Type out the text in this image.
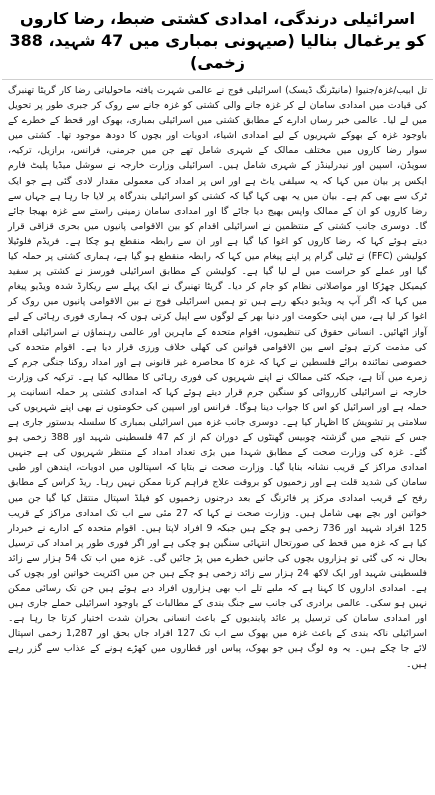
اسرائیلی درندگی، امدادی کشتی ضبط، رضا کاروں کو یرغمال بنالیا (صیہونی بمباری میں 47 شہید، 388 زخمی)

تل ابیب/غزہ/جنیوا (مانیٹرنگ ڈیسک) اسرائیلی فوج نے عالمی شہرت یافتہ ماحولیاتی رضا کار گریٹا تھنبرگ کی قیادت میں امدادی سامان لے کر غزہ جانے والی کشتی کو غزہ جانے سے روک کر جبری طور پر تحویل میں لے لیا۔ عالمی خبر رساں ادارے کے مطابق کشتی میں اسرائیلی بمباری، بھوک اور قحط کے خطرے کے باوجود غزہ کے بھوکے شہریوں کے لیے امدادی اشیاء، ادویات اور بچوں کا دودھ موجود تھا۔ کشتی میں سوار رضا کاروں میں مختلف ممالک کے شہری شامل تھے جن میں جرمنی، فرانس، برازیل، ترکیہ، سویڈن، اسپین اور نیدرلینڈز کے شہری شامل ہیں۔ اسرائیلی وزارت خارجہ نے سوشل میڈیا پلیٹ فارم ایکس پر بیان میں کہا کہ یہ سیلفی یاٹ ہے اور اس پر امداد کی معمولی مقدار لادی گئی ہے جو ایک ٹرک سے بھی کم ہے۔ بیان میں یہ بھی کہا گیا کہ کشتی کو اسرائیلی بندرگاہ پر لایا جا رہا ہے جہاں سے رضا کاروں کو ان کے ممالک واپس بھیج دیا جائے گا اور امدادی سامان زمینی راستے سے غزہ بھیجا جائے گا۔ دوسری جانب کشتی کے منتظمین نے اسرائیلی اقدام کو بین الاقوامی پانیوں میں بحری قزاقی قرار دیتے ہوئے کہا کہ رضا کاروں کو اغوا کیا گیا ہے اور ان سے رابطہ منقطع ہو چکا ہے۔ فریڈم فلوٹیلا کولیشن (FFC) نے ٹیلی گرام پر اپنے پیغام میں کہا کہ رابطہ منقطع ہو گیا ہے، ہماری کشتی پر حملہ کیا گیا اور عملے کو حراست میں لے لیا گیا ہے۔ کولیشن کے مطابق اسرائیلی فورسز نے کشتی پر سفید کیمیکل چھڑکا اور مواصلاتی نظام کو جام کر دیا۔ گریٹا تھنبرگ نے ایک پہلے سے ریکارڈ شدہ ویڈیو پیغام میں کہا کہ اگر آپ یہ ویڈیو دیکھ رہے ہیں تو ہمیں اسرائیلی فوج نے بین الاقوامی پانیوں میں روک کر اغوا کر لیا ہے، میں اپنی حکومت اور دنیا بھر کے لوگوں سے اپیل کرتی ہوں کہ ہماری فوری رہائی کے لیے آواز اٹھائیں۔ انسانی حقوق کی تنظیموں، اقوام متحدہ کے ماہرین اور عالمی رہنماؤں نے اسرائیلی اقدام کی مذمت کرتے ہوئے اسے بین الاقوامی قوانین کی کھلی خلاف ورزی قرار دیا ہے۔ اقوام متحدہ کی خصوصی نمائندہ برائے فلسطین نے کہا کہ غزہ کا محاصرہ غیر قانونی ہے اور امداد روکنا جنگی جرم کے زمرے میں آتا ہے، جبکہ کئی ممالک نے اپنے شہریوں کی فوری رہائی کا مطالبہ کیا ہے۔ ترکیہ کی وزارت خارجہ نے اسرائیلی کارروائی کو سنگین جرم قرار دیتے ہوئے کہا کہ امدادی کشتی پر حملہ انسانیت پر حملہ ہے اور اسرائیل کو اس کا جواب دینا ہوگا۔ فرانس اور اسپین کی حکومتوں نے بھی اپنے شہریوں کی سلامتی پر تشویش کا اظہار کیا ہے۔ دوسری جانب غزہ میں اسرائیلی بمباری کا سلسلہ بدستور جاری ہے جس کے نتیجے میں گزشتہ چوبیس گھنٹوں کے دوران کم از کم 47 فلسطینی شہید اور 388 زخمی ہو گئے۔ غزہ کی وزارت صحت کے مطابق شہدا میں بڑی تعداد امداد کے منتظر شہریوں کی ہے جنہیں امدادی مراکز کے قریب نشانہ بنایا گیا۔ وزارت صحت نے بتایا کہ اسپتالوں میں ادویات، ایندھن اور طبی سامان کی شدید قلت ہے اور زخمیوں کو بروقت علاج فراہم کرنا ممکن نہیں رہا۔ ریڈ کراس کے مطابق رفح کے قریب امدادی مرکز پر فائرنگ کے بعد درجنوں زخمیوں کو فیلڈ اسپتال منتقل کیا گیا جن میں خواتین اور بچے بھی شامل ہیں۔ وزارت صحت نے کہا کہ 27 مئی سے اب تک امدادی مراکز کے قریب 125 افراد شہید اور 736 زخمی ہو چکے ہیں جبکہ 9 افراد لاپتا ہیں۔ اقوام متحدہ کے ادارے نے خبردار کیا ہے کہ غزہ میں قحط کی صورتحال انتہائی سنگین ہو چکی ہے اور اگر فوری طور پر امداد کی ترسیل بحال نہ کی گئی تو ہزاروں بچوں کی جانیں خطرے میں پڑ جائیں گی۔ غزہ میں اب تک 54 ہزار سے زائد فلسطینی شہید اور ایک لاکھ 24 ہزار سے زائد زخمی ہو چکے ہیں جن میں اکثریت خواتین اور بچوں کی ہے۔ امدادی اداروں کا کہنا ہے کہ ملبے تلے اب بھی ہزاروں افراد دبے ہوئے ہیں جن تک رسائی ممکن نہیں ہو سکی۔ عالمی برادری کی جانب سے جنگ بندی کے مطالبات کے باوجود اسرائیلی حملے جاری ہیں اور امدادی سامان کی ترسیل پر عائد پابندیوں کے باعث انسانی بحران شدت اختیار کرتا جا رہا ہے۔ اسرائیلی ناکہ بندی کے باعث غزہ میں بھوک سے اب تک 127 افراد جاں بحق اور 1,287 زخمی اسپتال لائے جا چکے ہیں۔ یہ وہ لوگ ہیں جو بھوک، پیاس اور قطاروں میں کھڑے ہونے کے عذاب سے گزر رہے ہیں۔
